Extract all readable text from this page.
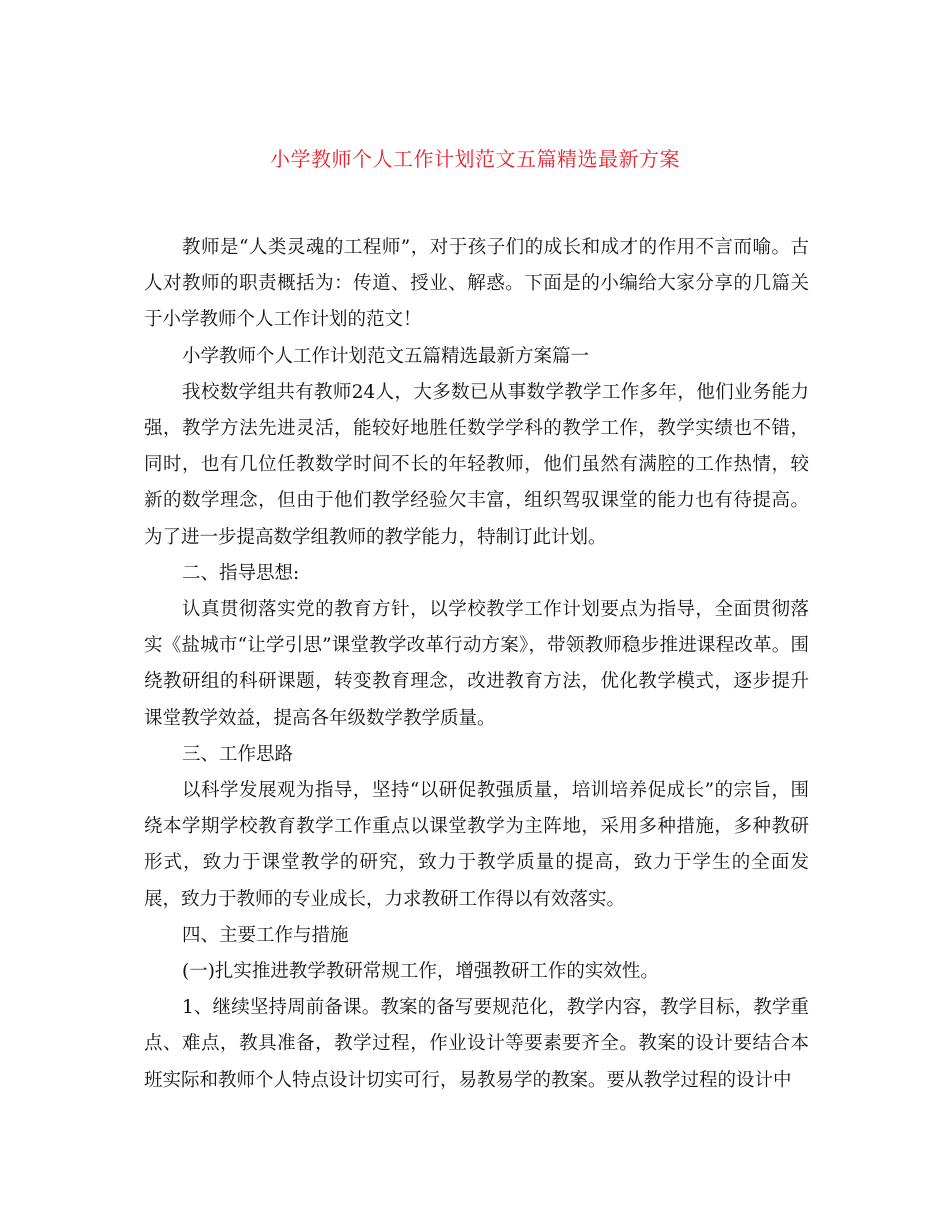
小学教师个人工作计划范文五篇精选最新方案

教师是“人类灵魂的工程师”，对于孩子们的成长和成才的作用不言而喻。古人对教师的职责概括为：传道、授业、解惑。下面是的小编给大家分享的几篇关于小学教师个人工作计划的范文！

小学教师个人工作计划范文五篇精选最新方案篇一

我校数学组共有教师24人，大多数已从事数学教学工作多年，他们业务能力强，教学方法先进灵活，能较好地胜任数学学科的教学工作，教学实绩也不错，同时，也有几位任教数学时间不长的年轻教师，他们虽然有满腔的工作热情，较新的数学理念，但由于他们教学经验欠丰富，组织驾驭课堂的能力也有待提高。为了进一步提高数学组教师的教学能力，特制订此计划。

二、指导思想:

认真贯彻落实党的教育方针，以学校教学工作计划要点为指导，全面贯彻落实《盐城市“让学引思”课堂教学改革行动方案》，带领教师稳步推进课程改革。围绕教研组的科研课题，转变教育理念，改进教育方法，优化教学模式，逐步提升课堂教学效益，提高各年级数学教学质量。

三、工作思路

以科学发展观为指导，坚持“以研促教强质量，培训培养促成长”的宗旨，围绕本学期学校教育教学工作重点以课堂教学为主阵地，采用多种措施，多种教研形式，致力于课堂教学的研究，致力于教学质量的提高，致力于学生的全面发展，致力于教师的专业成长，力求教研工作得以有效落实。

四、主要工作与措施

(一)扎实推进教学教研常规工作，增强教研工作的实效性。

1、继续坚持周前备课。教案的备写要规范化，教学内容，教学目标，教学重点、难点，教具准备，教学过程，作业设计等要素要齐全。教案的设计要结合本班实际和教师个人特点设计切实可行，易教易学的教案。要从教学过程的设计中
